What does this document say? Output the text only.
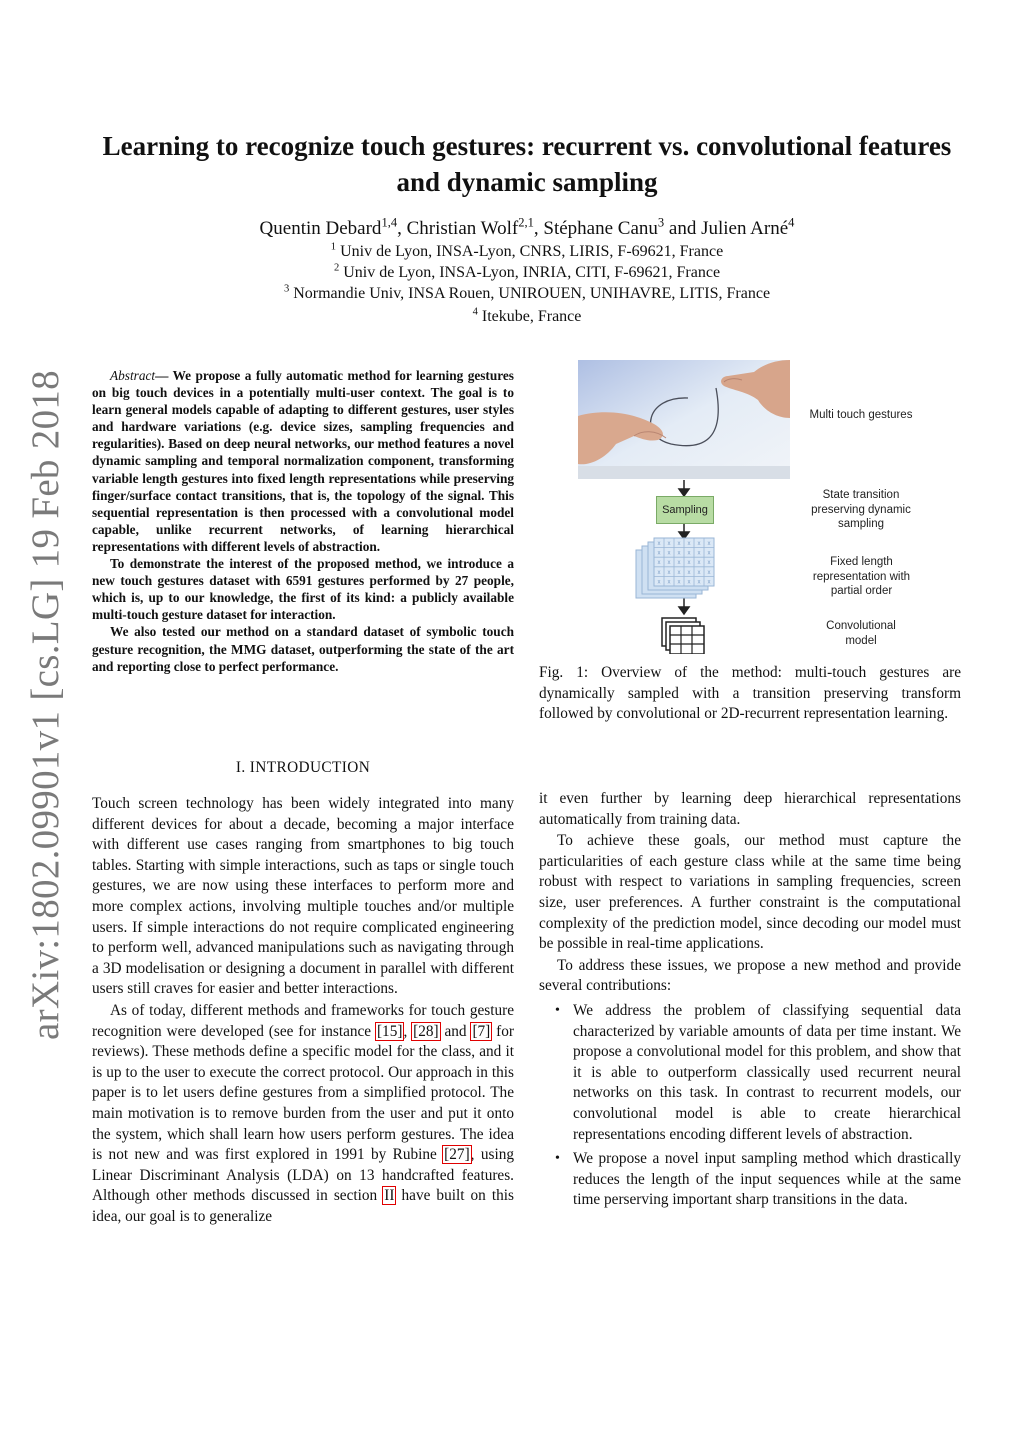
arXiv:1802.09901v1 [cs.LG] 19 Feb 2018
Learning to recognize touch gestures: recurrent vs. convolutional features and dynamic sampling
Quentin Debard$^{1,4}$, Christian Wolf$^{2,1}$, Stéphane Canu$^3$ and Julien Arné$^4$
$^1$ Univ de Lyon, INSA-Lyon, CNRS, LIRIS, F-69621, France
$^2$ Univ de Lyon, INSA-Lyon, INRIA, CITI, F-69621, France
$^3$ Normandie Univ, INSA Rouen, UNIROUEN, UNIHAVRE, LITIS, France
$^4$ Itekube, France

Abstract— We propose a fully automatic method for learning gestures on big touch devices in a potentially multi-user context. The goal is to learn general models capable of adapting to different gestures, user styles and hardware variations (e.g. device sizes, sampling frequencies and regularities). Based on deep neural networks, our method features a novel dynamic sampling and temporal normalization component, transforming variable length gestures into fixed length representations while preserving finger/surface contact transitions, that is, the topology of the signal. This sequential representation is then processed with a convolutional model capable, unlike recurrent networks, of learning hierarchical representations with different levels of abstraction.

To demonstrate the interest of the proposed method, we introduce a new touch gestures dataset with 6591 gestures performed by 27 people, which is, up to our knowledge, the first of its kind: a publicly available multi-touch gesture dataset for interaction.

We also tested our method on a standard dataset of symbolic touch gesture recognition, the MMG dataset, outperforming the state of the art and reporting close to perfect performance.

I. INTRODUCTION

Touch screen technology has been widely integrated into many different devices for about a decade, becoming a major interface with different use cases ranging from smartphones to big touch tables. Starting with simple interactions, such as taps or single touch gestures, we are now using these interfaces to perform more and more complex actions, involving multiple touches and/or multiple users. If simple interactions do not require complicated engineering to perform well, advanced manipulations such as navigating through a 3D modelisation or designing a document in parallel with different users still craves for easier and better interactions.

As of today, different methods and frameworks for touch gesture recognition were developed (see for instance [15], [28] and [7] for reviews). These methods define a specific model for the class, and it is up to the user to execute the correct protocol. Our approach in this paper is to let users define gestures from a simplified protocol. The main motivation is to remove burden from the user and put it onto the system, which shall learn how users perform gestures. The idea is not new and was first explored in 1991 by Rubine [27], using Linear Discriminant Analysis (LDA) on 13 handcrafted features. Although other methods discussed in section II have built on this idea, our goal is to generalize

x x x x x x
x x x x x x
x x x x x x
x x x x x x
x x x x x x
Sampling
Multi touch gestures
State transition preserving dynamic sampling
Fixed length representation with partial order
Convolutional model
Fig. 1: Overview of the method: multi-touch gestures are dynamically sampled with a transition preserving transform followed by convolutional or 2D-recurrent representation learning.

it even further by learning deep hierarchical representations automatically from training data.

To achieve these goals, our method must capture the particularities of each gesture class while at the same time being robust with respect to variations in sampling frequencies, screen size, user preferences. A further constraint is the computational complexity of the prediction model, since decoding our model must be possible in real-time applications.

To address these issues, we propose a new method and provide several contributions:

• We address the problem of classifying sequential data characterized by variable amounts of data per time instant. We propose a convolutional model for this problem, and show that it is able to outperform classically used recurrent neural networks on this task. In contrast to recurrent models, our convolutional model is able to create hierarchical representations encoding different levels of abstraction.
• We propose a novel input sampling method which drastically reduces the length of the input sequences while at the same time perserving important sharp transitions in the data.
